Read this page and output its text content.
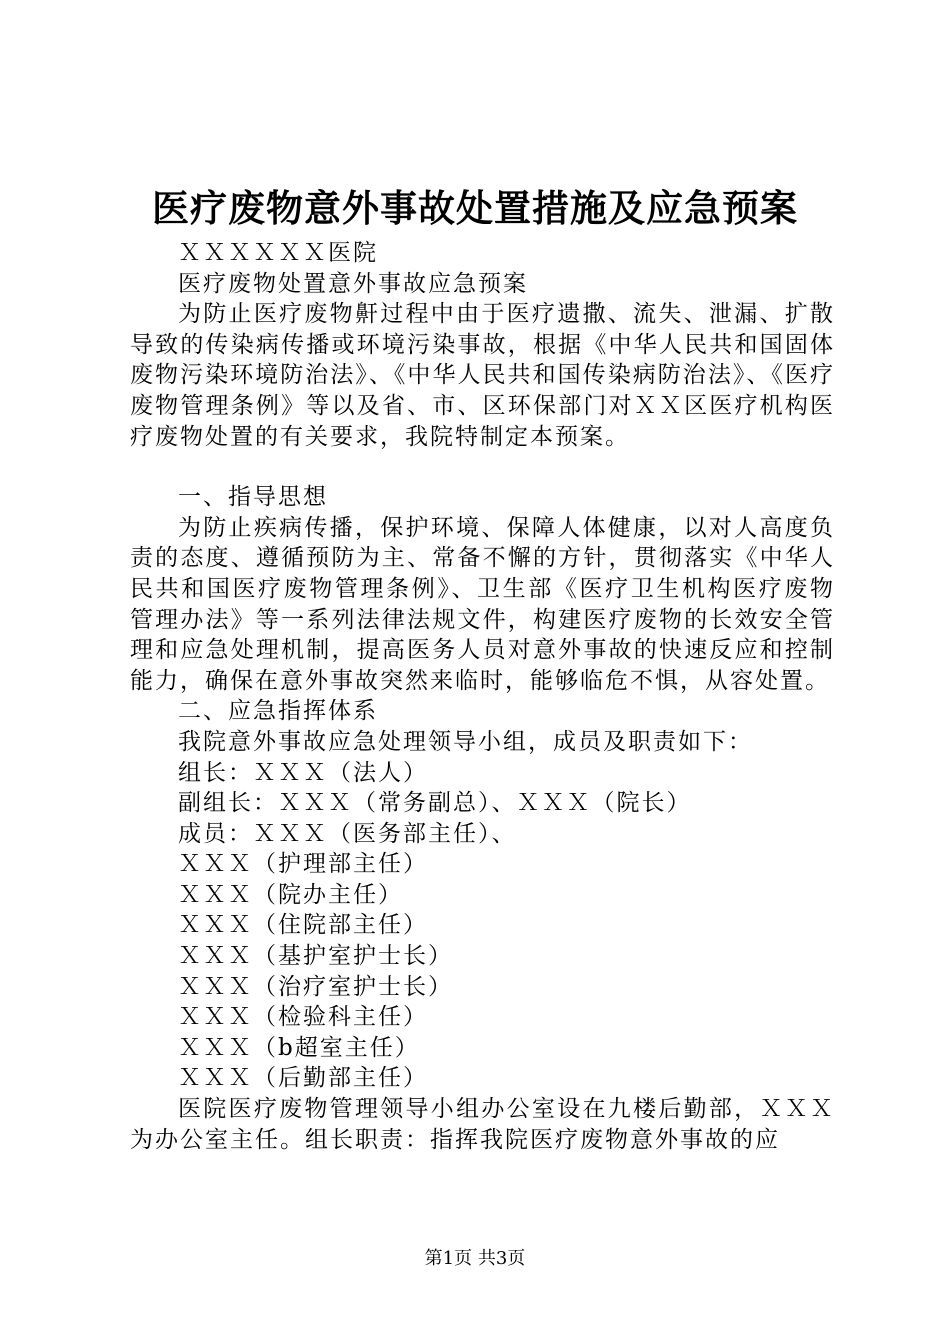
医疗废物意外事故处置措施及应急预案

ＸＸＸＸＸＸ医院

医疗废物处置意外事故应急预案

为防止医疗废物鼾过程中由于医疗遗撒、流失、泄漏、扩散导致的传染病传播或环境污染事故，根据《中华人民共和国固体废物污染环境防治法》、《中华人民共和国传染病防治法》、《医疗废物管理条例》等以及省、市、区环保部门对ＸＸ区医疗机构医疗废物处置的有关要求，我院特制定本预案。

一、指导思想

为防止疾病传播，保护环境、保障人体健康，以对人高度负责的态度、遵循预防为主、常备不懈的方针，贯彻落实《中华人民共和国医疗废物管理条例》、卫生部《医疗卫生机构医疗废物管理办法》等一系列法律法规文件，构建医疗废物的长效安全管理和应急处理机制，提高医务人员对意外事故的快速反应和控制能力，确保在意外事故突然来临时，能够临危不惧，从容处置。

二、应急指挥体系

我院意外事故应急处理领导小组，成员及职责如下：

组长：ＸＸＸ（法人）

副组长：ＸＸＸ（常务副总）、ＸＸＸ（院长）

成员：ＸＸＸ（医务部主任）、

ＸＸＸ（护理部主任）

ＸＸＸ（院办主任）

ＸＸＸ（住院部主任）

ＸＸＸ（基护室护士长）

ＸＸＸ（治疗室护士长）

ＸＸＸ（检验科主任）

ＸＸＸ（b超室主任）

ＸＸＸ（后勤部主任）

医院医疗废物管理领导小组办公室设在九楼后勤部，ＸＸＸ为办公室主任。组长职责：指挥我院医疗废物意外事故的应

第1页 共3页
